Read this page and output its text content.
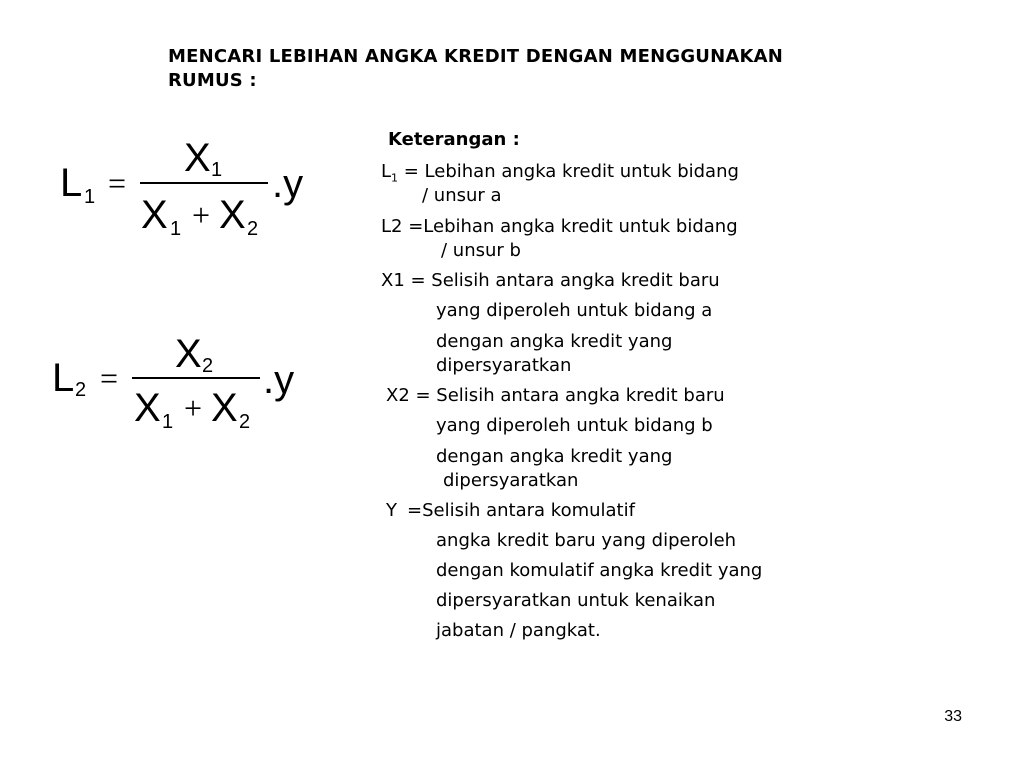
MENCARI LEBIHAN ANGKA KREDIT DENGAN MENGGUNAKAN
RUMUS :
L 1 =
X 1
X 1 + X 2
.y
L 2 =
X 2
X 1 + X 2
.y
Keterangan :
$L_1$ = Lebihan angka kredit untuk bidang
/ unsur a
L2 =Lebihan angka kredit untuk bidang
/ unsur b
X1 = Selisih antara angka kredit baru
yang diperoleh untuk bidang a
dengan angka kredit yang
dipersyaratkan
X2 = Selisih antara angka kredit baru
yang diperoleh untuk bidang b
dengan angka kredit yang
dipersyaratkan
Y =Selisih antara komulatif
angka kredit baru yang diperoleh
dengan komulatif angka kredit yang
dipersyaratkan untuk kenaikan
jabatan / pangkat.
33
